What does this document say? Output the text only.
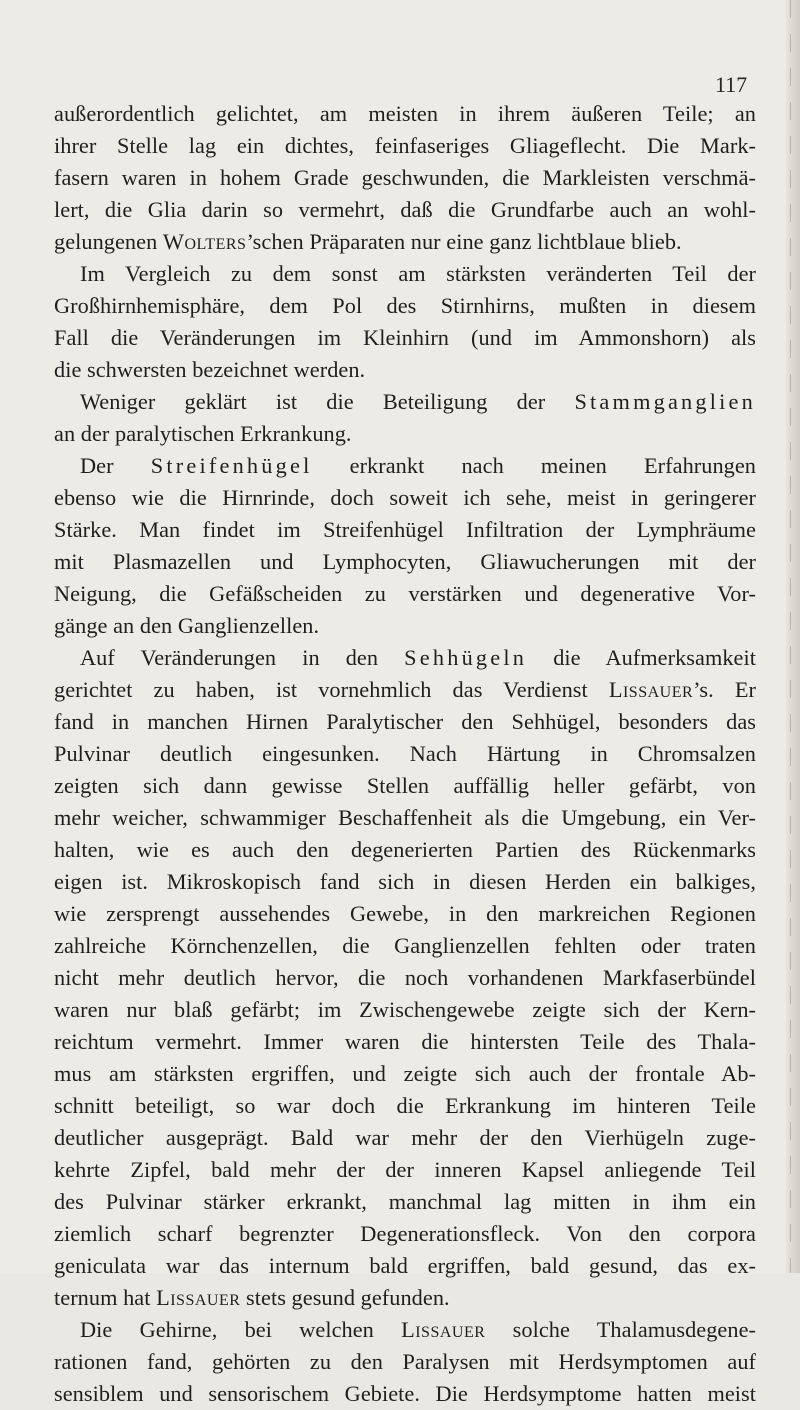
117
außerordentlich gelichtet, am meisten in ihrem äußeren Teile; an
ihrer Stelle lag ein dichtes, feinfaseriges Gliageflecht. Die Mark-
fasern waren in hohem Grade geschwunden, die Markleisten verschmä-
lert, die Glia darin so vermehrt, daß die Grundfarbe auch an wohl-
gelungenen Wolters’schen Präparaten nur eine ganz lichtblaue blieb.
Im Vergleich zu dem sonst am stärksten veränderten Teil der
Großhirnhemisphäre, dem Pol des Stirnhirns, mußten in diesem
Fall die Veränderungen im Kleinhirn (und im Ammonshorn) als
die schwersten bezeichnet werden.
Weniger geklärt ist die Beteiligung der Stammganglien
an der paralytischen Erkrankung.
Der Streifenhügel erkrankt nach meinen Erfahrungen
ebenso wie die Hirnrinde, doch soweit ich sehe, meist in geringerer
Stärke. Man findet im Streifenhügel Infiltration der Lymphräume
mit Plasmazellen und Lymphocyten, Gliawucherungen mit der
Neigung, die Gefäßscheiden zu verstärken und degenerative Vor-
gänge an den Ganglienzellen.
Auf Veränderungen in den Sehhügeln die Aufmerksamkeit
gerichtet zu haben, ist vornehmlich das Verdienst Lissauer’s. Er
fand in manchen Hirnen Paralytischer den Sehhügel, besonders das
Pulvinar deutlich eingesunken. Nach Härtung in Chromsalzen
zeigten sich dann gewisse Stellen auffällig heller gefärbt, von
mehr weicher, schwammiger Beschaffenheit als die Umgebung, ein Ver-
halten, wie es auch den degenerierten Partien des Rückenmarks
eigen ist. Mikroskopisch fand sich in diesen Herden ein balkiges,
wie zersprengt aussehendes Gewebe, in den markreichen Regionen
zahlreiche Körnchenzellen, die Ganglienzellen fehlten oder traten
nicht mehr deutlich hervor, die noch vorhandenen Markfaserbündel
waren nur blaß gefärbt; im Zwischengewebe zeigte sich der Kern-
reichtum vermehrt. Immer waren die hintersten Teile des Thala-
mus am stärksten ergriffen, und zeigte sich auch der frontale Ab-
schnitt beteiligt, so war doch die Erkrankung im hinteren Teile
deutlicher ausgeprägt. Bald war mehr der den Vierhügeln zuge-
kehrte Zipfel, bald mehr der der inneren Kapsel anliegende Teil
des Pulvinar stärker erkrankt, manchmal lag mitten in ihm ein
ziemlich scharf begrenzter Degenerationsfleck. Von den corpora
geniculata war das internum bald ergriffen, bald gesund, das ex-
ternum hat Lissauer stets gesund gefunden.
Die Gehirne, bei welchen Lissauer solche Thalamusdegene-
rationen fand, gehörten zu den Paralysen mit Herdsymptomen auf
sensiblem und sensorischem Gebiete. Die Herdsymptome hatten meist
